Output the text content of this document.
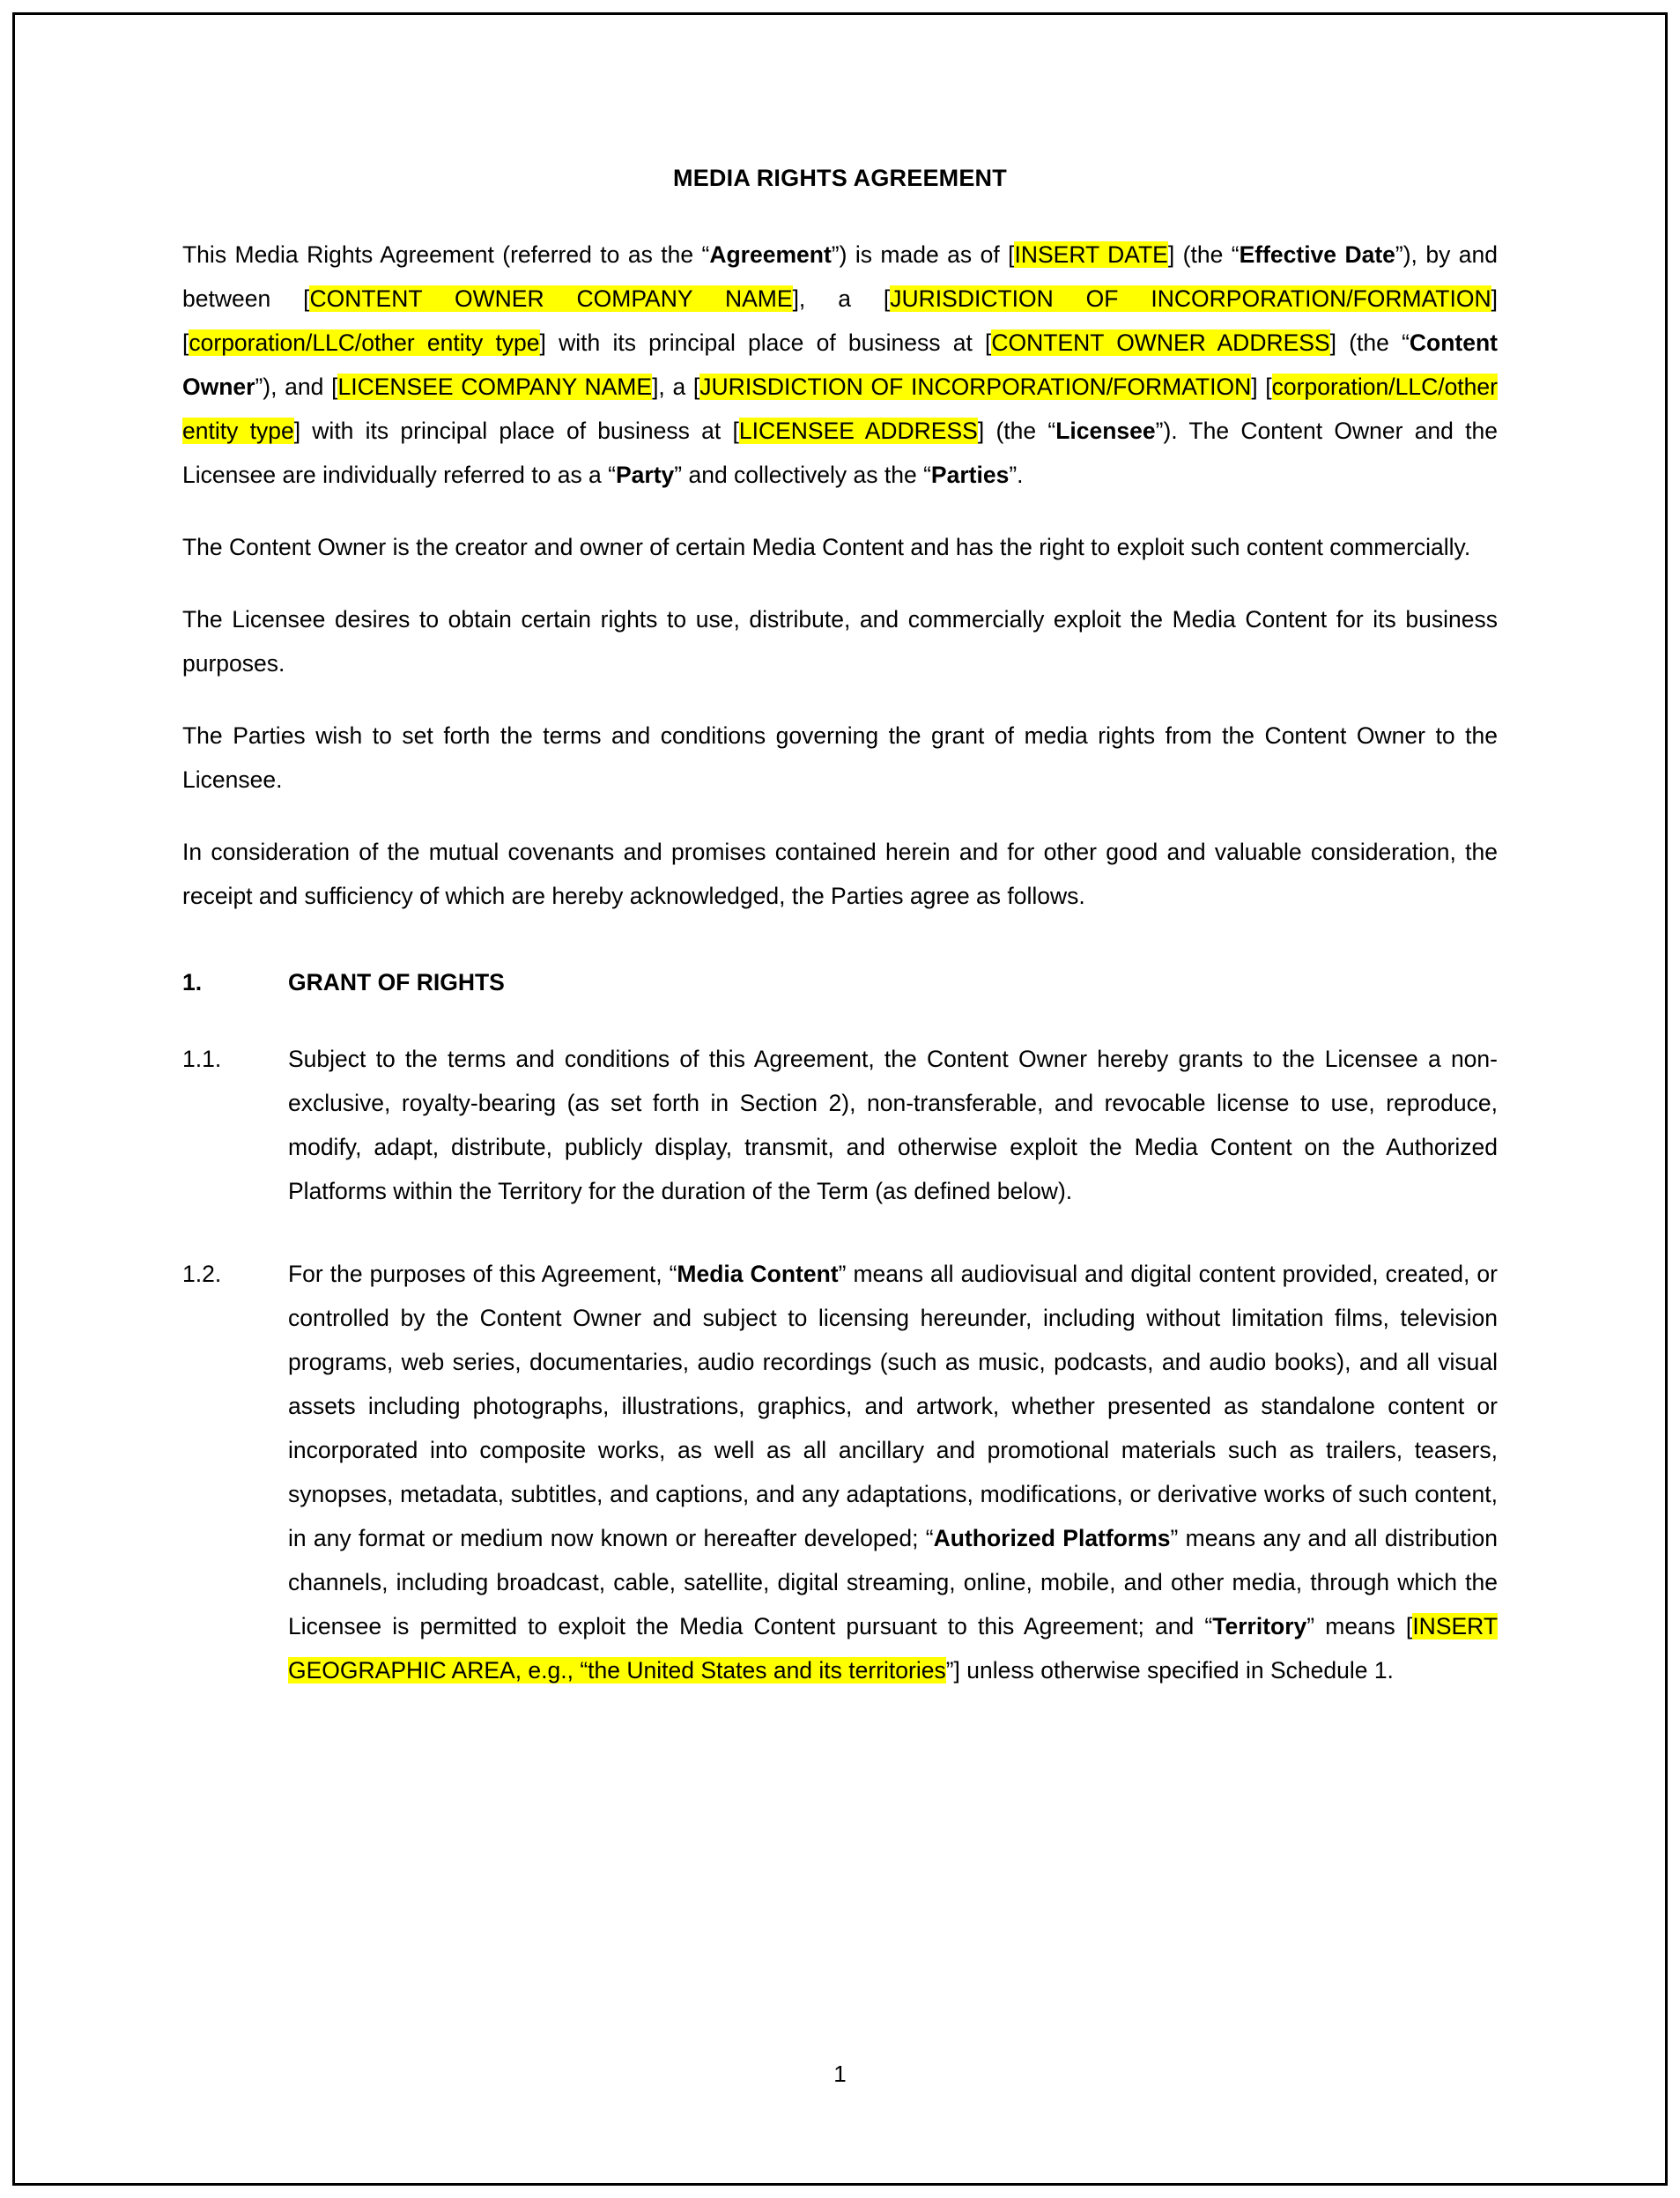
MEDIA RIGHTS AGREEMENT

This Media Rights Agreement (referred to as the “Agreement”) is made as of [INSERT DATE] (the “Effective Date”), by and between [CONTENT OWNER COMPANY NAME], a [JURISDICTION OF INCORPORATION/FORMATION] [corporation/LLC/other entity type] with its principal place of business at [CONTENT OWNER ADDRESS] (the “Content Owner”), and [LICENSEE COMPANY NAME], a [JURISDICTION OF INCORPORATION/FORMATION] [corporation/LLC/other entity type] with its principal place of business at [LICENSEE ADDRESS] (the “Licensee”). The Content Owner and the Licensee are individually referred to as a “Party” and collectively as the “Parties”.

The Content Owner is the creator and owner of certain Media Content and has the right to exploit such content commercially.

The Licensee desires to obtain certain rights to use, distribute, and commercially exploit the Media Content for its business purposes.

The Parties wish to set forth the terms and conditions governing the grant of media rights from the Content Owner to the Licensee.

In consideration of the mutual covenants and promises contained herein and for other good and valuable consideration, the receipt and sufficiency of which are hereby acknowledged, the Parties agree as follows.

1.	GRANT OF RIGHTS
1.1.	Subject to the terms and conditions of this Agreement, the Content Owner hereby grants to the Licensee a non-exclusive, royalty-bearing (as set forth in Section 2), non-transferable, and revocable license to use, reproduce, modify, adapt, distribute, publicly display, transmit, and otherwise exploit the Media Content on the Authorized Platforms within the Territory for the duration of the Term (as defined below).
1.2.	For the purposes of this Agreement, “Media Content” means all audiovisual and digital content provided, created, or controlled by the Content Owner and subject to licensing hereunder, including without limitation films, television programs, web series, documentaries, audio recordings (such as music, podcasts, and audio books), and all visual assets including photographs, illustrations, graphics, and artwork, whether presented as standalone content or incorporated into composite works, as well as all ancillary and promotional materials such as trailers, teasers, synopses, metadata, subtitles, and captions, and any adaptations, modifications, or derivative works of such content, in any format or medium now known or hereafter developed; “Authorized Platforms” means any and all distribution channels, including broadcast, cable, satellite, digital streaming, online, mobile, and other media, through which the Licensee is permitted to exploit the Media Content pursuant to this Agreement; and “Territory” means [INSERT GEOGRAPHIC AREA, e.g., “the United States and its territories”] unless otherwise specified in Schedule 1.
1
